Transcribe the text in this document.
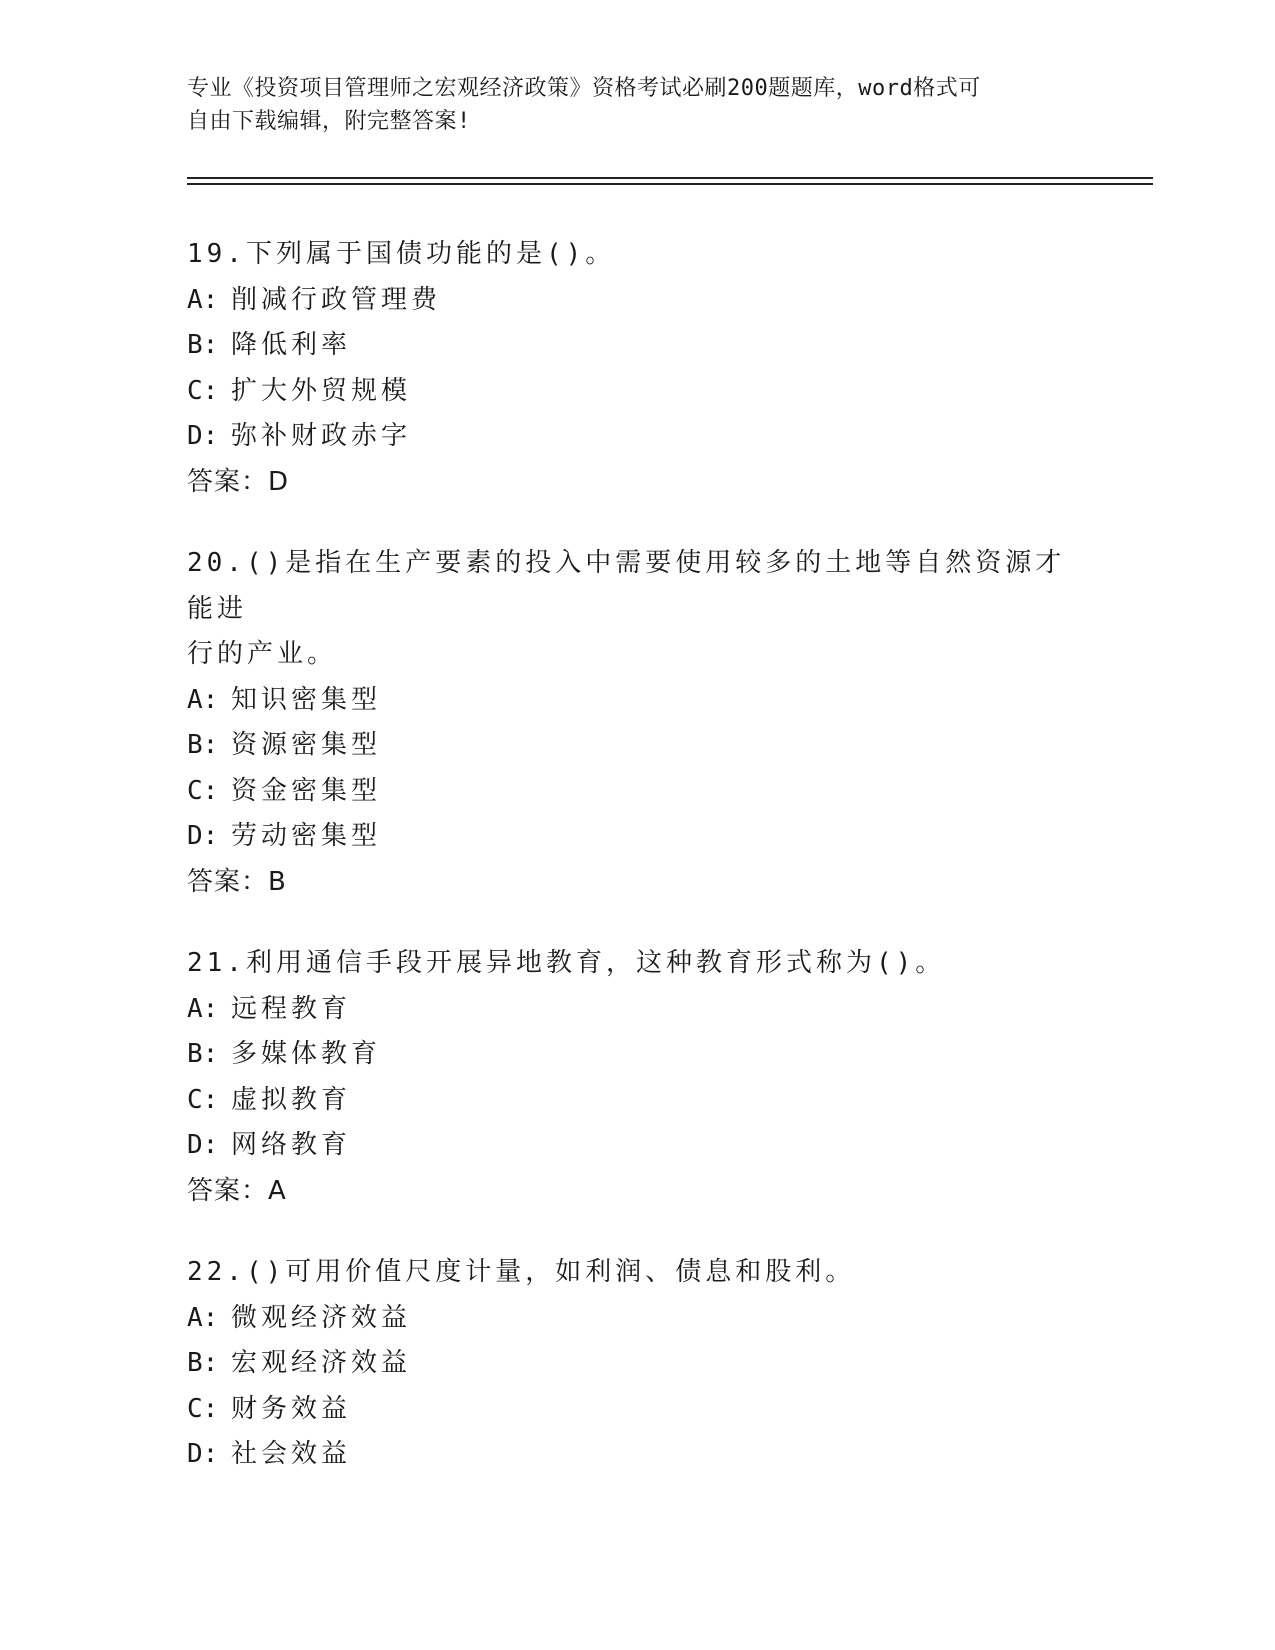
专业《投资项目管理师之宏观经济政策》资格考试必刷200题题库，word格式可
自由下载编辑，附完整答案!

19.下列属于国债功能的是()。

A: 削减行政管理费

B: 降低利率

C: 扩大外贸规模

D: 弥补财政赤字

答案：D

20.()是指在生产要素的投入中需要使用较多的土地等自然资源才能进

行的产业。

A: 知识密集型

B: 资源密集型

C: 资金密集型

D: 劳动密集型

答案：B

21.利用通信手段开展异地教育，这种教育形式称为()。

A: 远程教育

B: 多媒体教育

C: 虚拟教育

D: 网络教育

答案：A

22.()可用价值尺度计量，如利润、债息和股利。

A: 微观经济效益

B: 宏观经济效益

C: 财务效益

D: 社会效益
